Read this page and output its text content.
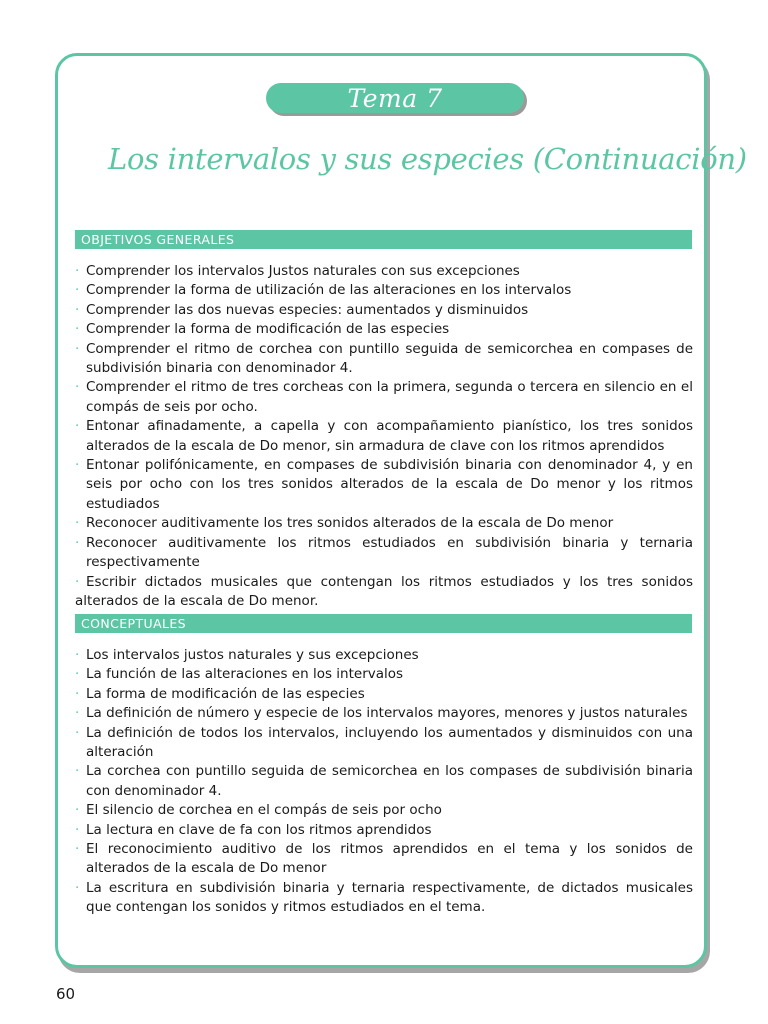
Tema 7
Los intervalos y sus especies (Continuación)
OBJETIVOS GENERALES
· Comprender los intervalos Justos naturales con sus excepciones
· Comprender la forma de utilización de las alteraciones en los intervalos
· Comprender las dos nuevas especies: aumentados y disminuidos
· Comprender la forma de modificación de las especies
· Comprender el ritmo de corchea con puntillo seguida de semicorchea en compases de subdivisión binaria con denominador 4.
· Comprender el ritmo de tres corcheas con la primera, segunda o tercera en silencio en el compás de seis por ocho.
· Entonar afinadamente, a capella y con acompañamiento pianístico, los tres sonidos alterados de la escala de Do menor, sin armadura de clave con los ritmos aprendidos
· Entonar polifónicamente, en compases de subdivisión binaria con denominador 4, y en seis por ocho con los tres sonidos alterados de la escala de Do menor y los ritmos estudiados
· Reconocer auditivamente los tres sonidos alterados de la escala de Do menor
· Reconocer auditivamente los ritmos estudiados en subdivisión binaria y ternaria respectivamente
· Escribir dictados musicales que contengan los ritmos estudiados y los tres sonidos alterados de la escala de Do menor.
CONCEPTUALES
· Los intervalos justos naturales y sus excepciones
· La función de las alteraciones en los intervalos
· La forma de modificación de las especies
· La definición de número y especie de los intervalos mayores, menores y justos naturales
· La definición de todos los intervalos, incluyendo los aumentados y disminuidos con una alteración
· La corchea con puntillo seguida de semicorchea en los compases de subdivisión binaria con denominador 4.
· El silencio de corchea en el compás de seis por ocho
· La lectura en clave de fa con los ritmos aprendidos
· El reconocimiento auditivo de los ritmos aprendidos en el tema y los sonidos de alterados de la escala de Do menor
· La escritura en subdivisión binaria y ternaria respectivamente, de dictados musicales que contengan los sonidos y ritmos estudiados en el tema.
60
